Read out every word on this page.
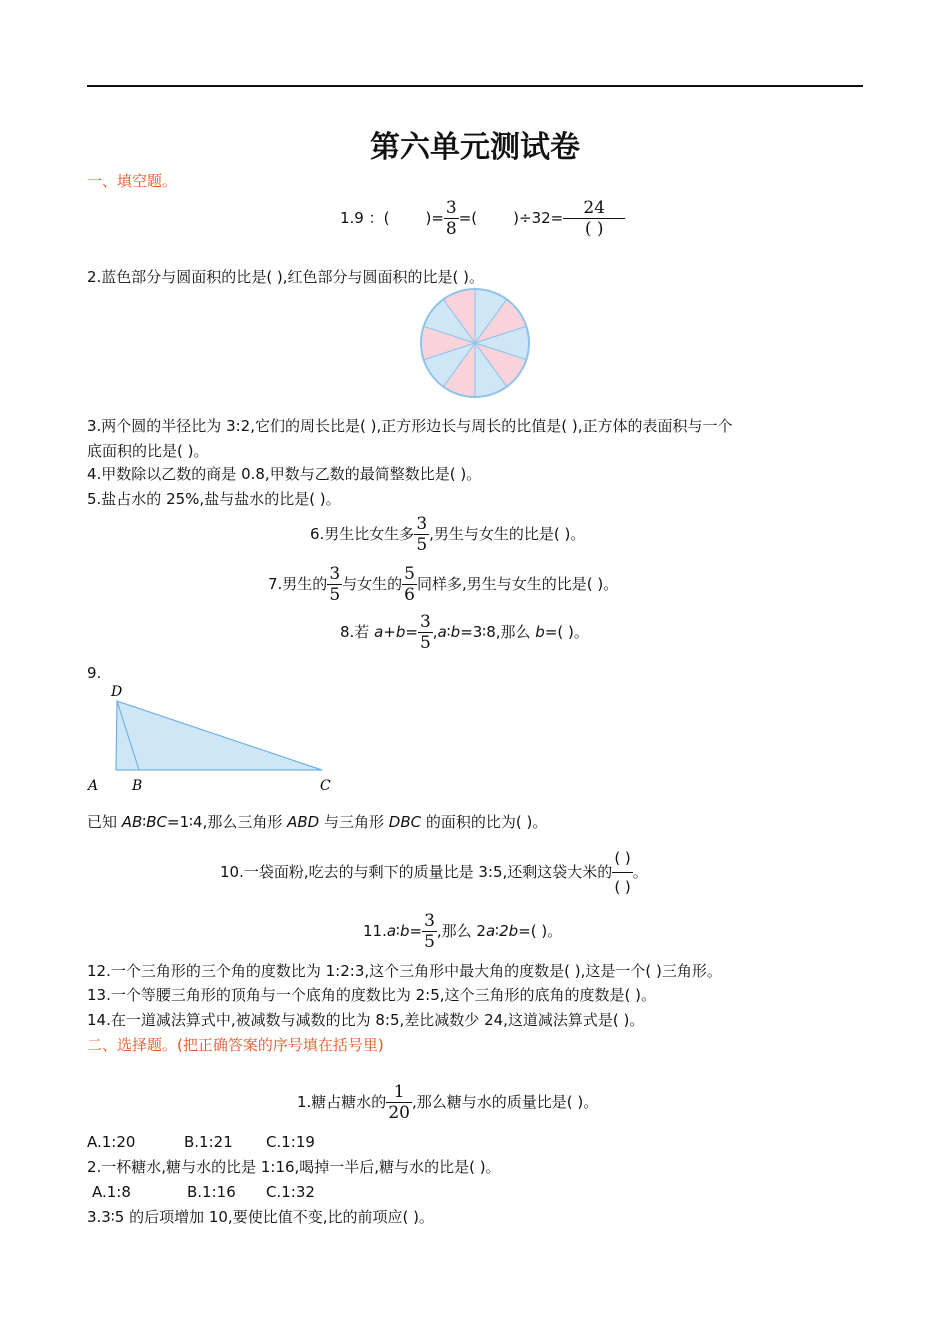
第六单元测试卷
一、填空题。
1.9 ：( )= $\frac{3}{8}$ =( )$\div 32= \frac{24}{( )}$
2.蓝色部分与圆面积的比是( ),红色部分与圆面积的比是( )。
3.两个圆的半径比为 3:2,它们的周长比是( ),正方形边长与周长的比值是( ),正方体的表面积与一个
底面积的比是( )。
4.甲数除以乙数的商是 0.8,甲数与乙数的最简整数比是( )。
5.盐占水的 25%,盐与盐水的比是( )。
6.男生比女生多 $\frac{3}{5}$ ,男生与女生的比是( )。
7.男生的 $\frac{3}{5}$ 与女生的 $\frac{5}{6}$ 同样多,男生与女生的比是( )。
8.若 $a+b= \frac{3}{5}$ ,a∶b=3∶8,那么 b=( )。
9.
D
A B	C
已知 AB∶BC=1∶4,那么三角形 ABD 与三角形 DBC 的面积的比为( )。
10.一袋面粉,吃去的与剩下的质量比是 3:5,还剩这袋大米的 $\frac{( )}{( )}$ 。
11.a∶b= $\frac{3}{5}$ ,那么 2a∶2b=( )。
12.一个三角形的三个角的度数比为 1:2:3,这个三角形中最大角的度数是( ),这是一个( )三角形。
13.一个等腰三角形的顶角与一个底角的度数比为 2:5,这个三角形的底角的度数是( )。
14.在一道减法算式中,被减数与减数的比为 8:5,差比减数少 24,这道减法算式是( )。
二、选择题。(把正确答案的序号填在括号里)
1.糖占糖水的 $\frac{1}{20}$ ,那么糖与水的质量比是( )。
A.1:20	B.1:21 C.1:19
2.一杯糖水,糖与水的比是 1:16,喝掉一半后,糖与水的比是( )。
A.1:8	B.1:16 C.1:32
3.3∶5 的后项增加 10,要使比值不变,比的前项应( )。
